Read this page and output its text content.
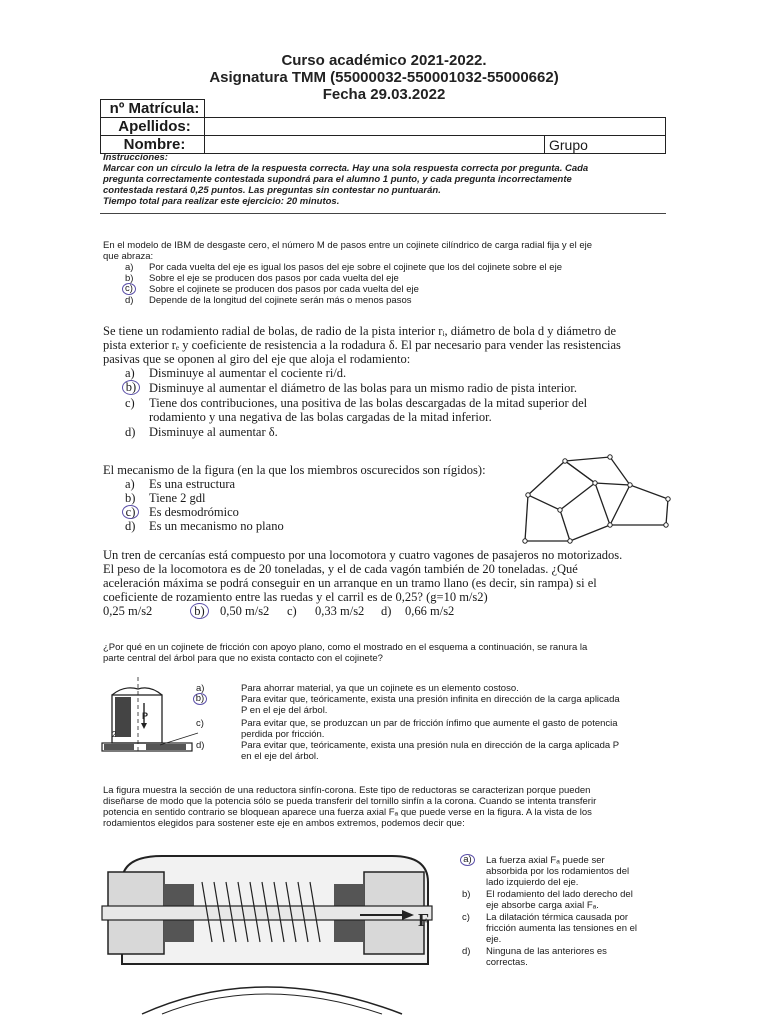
Curso académico 2021-2022.
Asignatura TMM (55000032-550001032-55000662)
Fecha 29.03.2022
nº Matrícula:		
Apellidos:		
Nombre:		Grupo
Instrucciones:
Marcar con un círculo la letra de la respuesta correcta. Hay una sola respuesta correcta por pregunta. Cada
pregunta correctamente contestada supondrá para el alumno 1 punto, y cada pregunta incorrectamente
contestada restará 0,25 puntos. Las preguntas sin contestar no puntuarán.
Tiempo total para realizar este ejercicio: 20 minutos.
En el modelo de IBM de desgaste cero, el número M de pasos entre un cojinete cilíndrico de carga radial fija y el eje
que abraza:
a) Por cada vuelta del eje es igual los pasos del eje sobre el cojinete que los del cojinete sobre el eje
b) Sobre el eje se producen dos pasos por cada vuelta del eje
c)	Sobre el cojinete se producen dos pasos por cada vuelta del eje
d) Depende de la longitud del cojinete serán más o menos pasos
Se tiene un rodamiento radial de bolas, de radio de la pista interior rᵢ, diámetro de bola d y diámetro de
pista exterior rₑ y coeficiente de resistencia a la rodadura δ. El par necesario para vender las resistencias
pasivas que se oponen al giro del eje que aloja el rodamiento:
a) Disminuye al aumentar el cociente ri/d.
b)	Disminuye al aumentar el diámetro de las bolas para un mismo radio de pista interior.
c) Tiene dos contribuciones, una positiva de las bolas descargadas de la mitad superior del
rodamiento y una negativa de las bolas cargadas de la mitad inferior.
d) Disminuye al aumentar δ.
El mecanismo de la figura (en la que los miembros oscurecidos son rígidos):
a) Es una estructura
b) Tiene 2 gdl
c) Es desmodrómico
d) Es un mecanismo no plano
Un tren de cercanías está compuesto por una locomotora y cuatro vagones de pasajeros no motorizados.
El peso de la locomotora es de 20 toneladas, y el de cada vagón también de 20 toneladas. ¿Qué
aceleración máxima se podrá conseguir en un arranque en un tramo llano (es decir, sin rampa) si el
coeficiente de rozamiento entre las ruedas y el carril es de 0,25? (g=10 m/s2)
0,25 m/s2	b)	0,50 m/s2 c) 0,33 m/s2 d) 0,66 m/s2
¿Por qué en un cojinete de fricción con apoyo plano, como el mostrado en el esquema a continuación, se ranura la
parte central del árbol para que no exista contacto con el cojinete?
P
2
a)	Para ahorrar material, ya que un cojinete es un elemento costoso.
b)	Para evitar que, teóricamente, exista una presión infinita en dirección de la carga aplicada
P en el eje del árbol.
c)	Para evitar que, se produzcan un par de fricción ínfimo que aumente el gasto de potencia
perdida por fricción.
d)	Para evitar que, teóricamente, exista una presión nula en dirección de la carga aplicada P
en el eje del árbol.
La figura muestra la sección de una reductora sinfín-corona. Este tipo de reductoras se caracterizan porque pueden
diseñarse de modo que la potencia sólo se pueda transferir del tornillo sinfín a la corona. Cuando se intenta transferir
potencia en sentido contrario se bloquean aparece una fuerza axial Fₐ que puede verse en la figura. A la vista de los
rodamientos elegidos para sostener este eje en ambos extremos, podemos decir que:
F
a)	La fuerza axial Fₐ puede ser
absorbida por los rodamientos del
lado izquierdo del eje.
b) El rodamiento del lado derecho del
eje absorbe carga axial Fₐ.
c) La dilatación térmica causada por
fricción aumenta las tensiones en el
eje.
d) Ninguna de las anteriores es
correctas.
